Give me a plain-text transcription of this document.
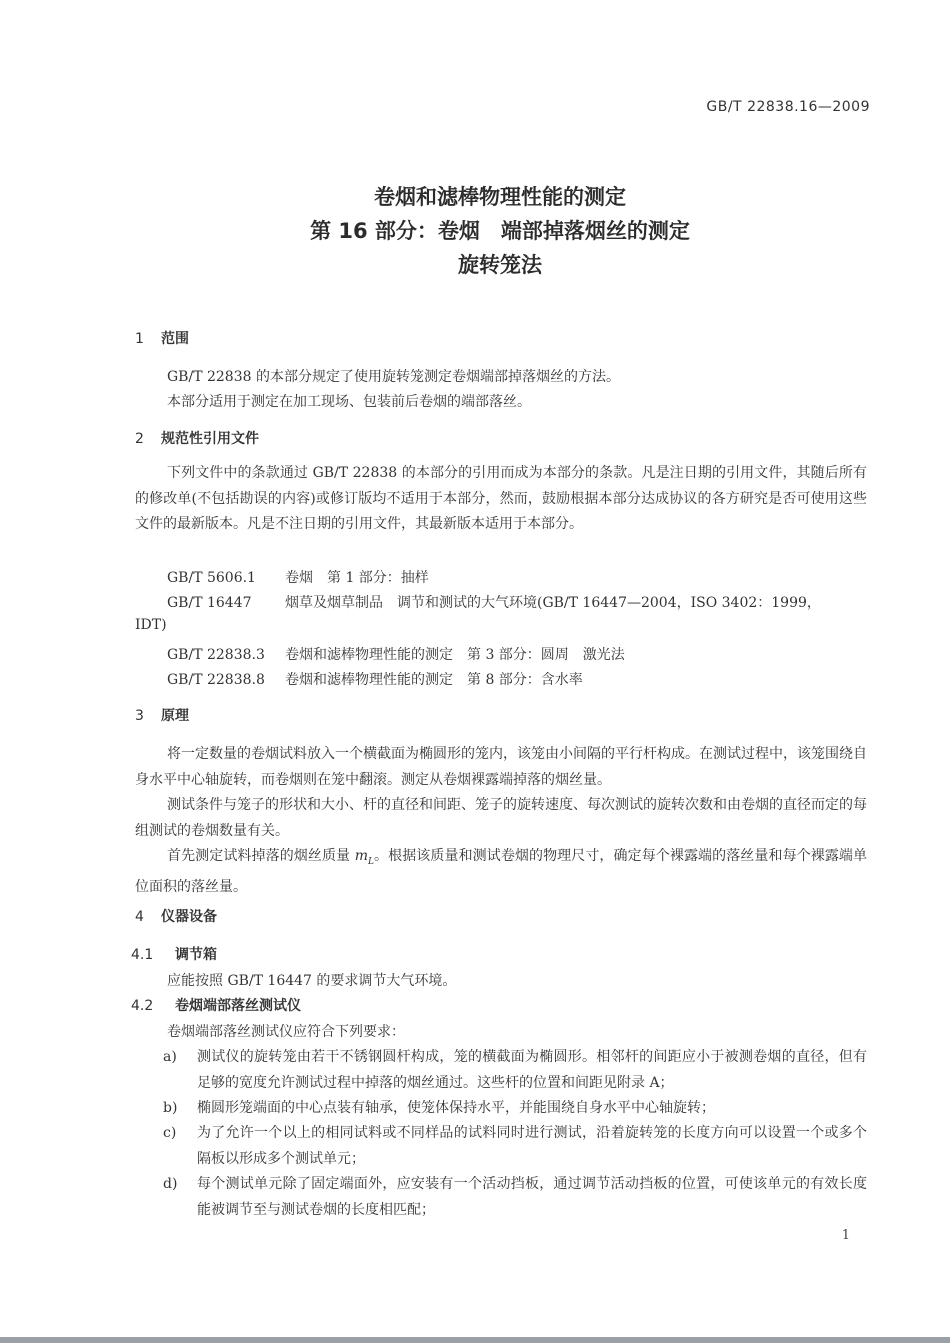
GB/T 22838.16—2009
卷烟和滤棒物理性能的测定
第 16 部分：卷烟　端部掉落烟丝的测定
旋转笼法
1 范围
GB/T 22838 的本部分规定了使用旋转笼测定卷烟端部掉落烟丝的方法。
本部分适用于测定在加工现场、包装前后卷烟的端部落丝。
2 规范性引用文件
下列文件中的条款通过 GB/T 22838 的本部分的引用而成为本部分的条款。凡是注日期的引用文件，其随后所有的修改单(不包括勘误的内容)或修订版均不适用于本部分，然而，鼓励根据本部分达成协议的各方研究是否可使用这些文件的最新版本。凡是不注日期的引用文件，其最新版本适用于本部分。
GB/T 5606.1 卷烟　第 1 部分：抽样
GB/T 16447 烟草及烟草制品　调节和测试的大气环境(GB/T 16447—2004，ISO 3402：1999，
IDT)
GB/T 22838.3 卷烟和滤棒物理性能的测定　第 3 部分：圆周　激光法
GB/T 22838.8 卷烟和滤棒物理性能的测定　第 8 部分：含水率
3 原理
将一定数量的卷烟试料放入一个横截面为椭圆形的笼内，该笼由小间隔的平行杆构成。在测试过程中，该笼围绕自身水平中心轴旋转，而卷烟则在笼中翻滚。测定从卷烟裸露端掉落的烟丝量。
测试条件与笼子的形状和大小、杆的直径和间距、笼子的旋转速度、每次测试的旋转次数和由卷烟的直径而定的每组测试的卷烟数量有关。
首先测定试料掉落的烟丝质量 $m_L$。根据该质量和测试卷烟的物理尺寸，确定每个裸露端的落丝量和每个裸露端单位面积的落丝量。
4 仪器设备
4.1 调节箱
应能按照 GB/T 16447 的要求调节大气环境。
4.2 卷烟端部落丝测试仪
卷烟端部落丝测试仪应符合下列要求：
a)	测试仪的旋转笼由若干不锈钢圆杆构成，笼的横截面为椭圆形。相邻杆的间距应小于被测卷烟的直径，但有足够的宽度允许测试过程中掉落的烟丝通过。这些杆的位置和间距见附录 A；
b)	椭圆形笼端面的中心点装有轴承，使笼体保持水平，并能围绕自身水平中心轴旋转；
c)	为了允许一个以上的相同试料或不同样品的试料同时进行测试，沿着旋转笼的长度方向可以设置一个或多个隔板以形成多个测试单元；
d)	每个测试单元除了固定端面外，应安装有一个活动挡板，通过调节活动挡板的位置，可使该单元的有效长度能被调节至与测试卷烟的长度相匹配；
1
